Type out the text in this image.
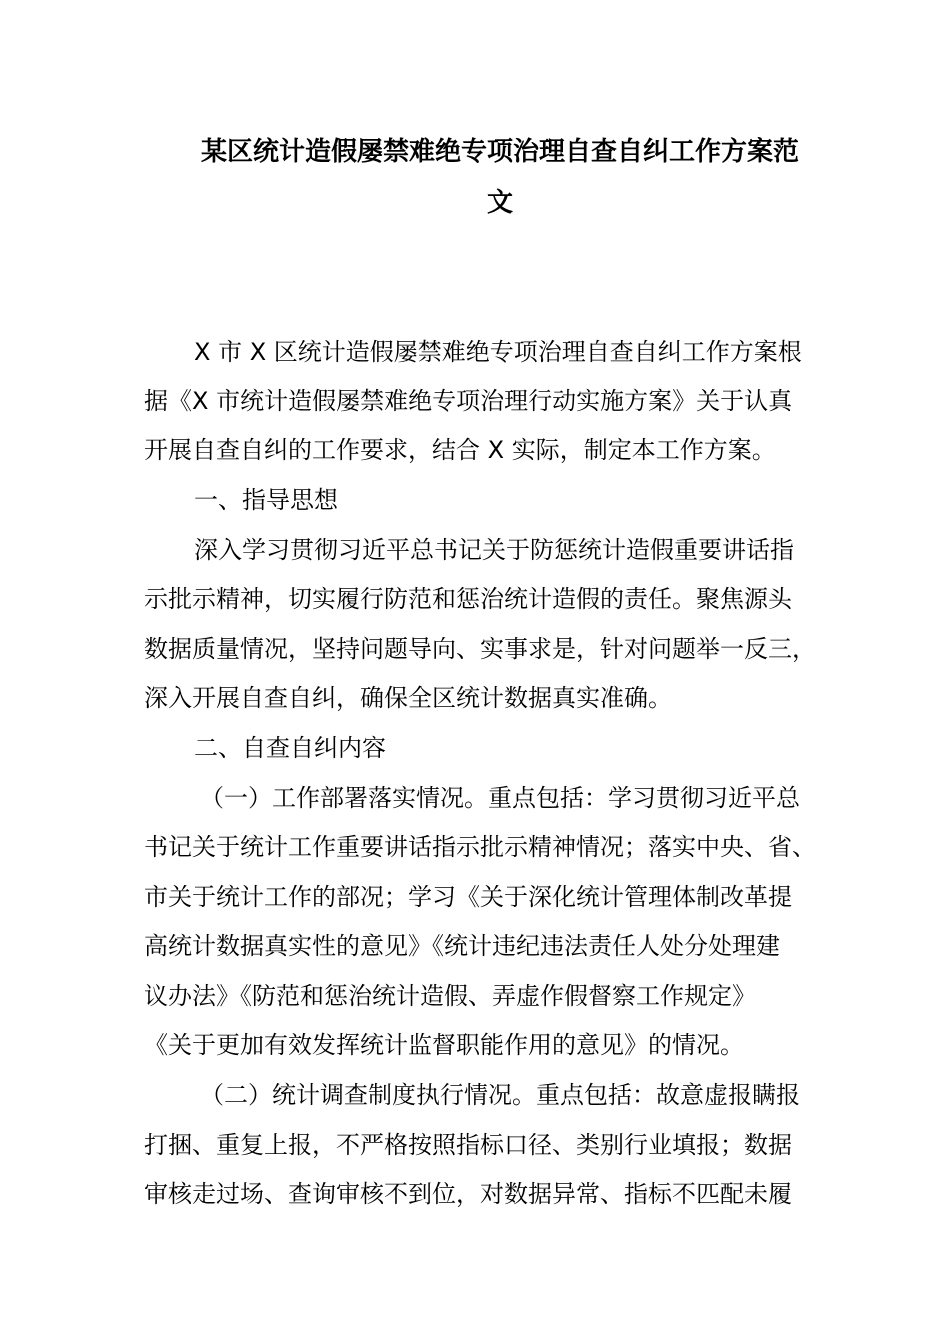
某区统计造假屡禁难绝专项治理自查自纠工作方案范
文
X 市 X 区统计造假屡禁难绝专项治理自查自纠工作方案根
据《X 市统计造假屡禁难绝专项治理行动实施方案》关于认真
开展自查自纠的工作要求，结合 X 实际，制定本工作方案。
一、指导思想
深入学习贯彻习近平总书记关于防惩统计造假重要讲话指
示批示精神，切实履行防范和惩治统计造假的责任。聚焦源头
数据质量情况，坚持问题导向、实事求是，针对问题举一反三，
深入开展自查自纠，确保全区统计数据真实准确。
二、自查自纠内容
（一）工作部署落实情况。重点包括：学习贯彻习近平总
书记关于统计工作重要讲话指示批示精神情况；落实中央、省、
市关于统计工作的部况；学习《关于深化统计管理体制改革提
高统计数据真实性的意见》《统计违纪违法责任人处分处理建
议办法》《防范和惩治统计造假、弄虚作假督察工作规定》
《关于更加有效发挥统计监督职能作用的意见》的情况。
（二）统计调查制度执行情况。重点包括：故意虚报瞒报
打捆、重复上报，不严格按照指标口径、类别行业填报；数据
审核走过场、查询审核不到位，对数据异常、指标不匹配未履
